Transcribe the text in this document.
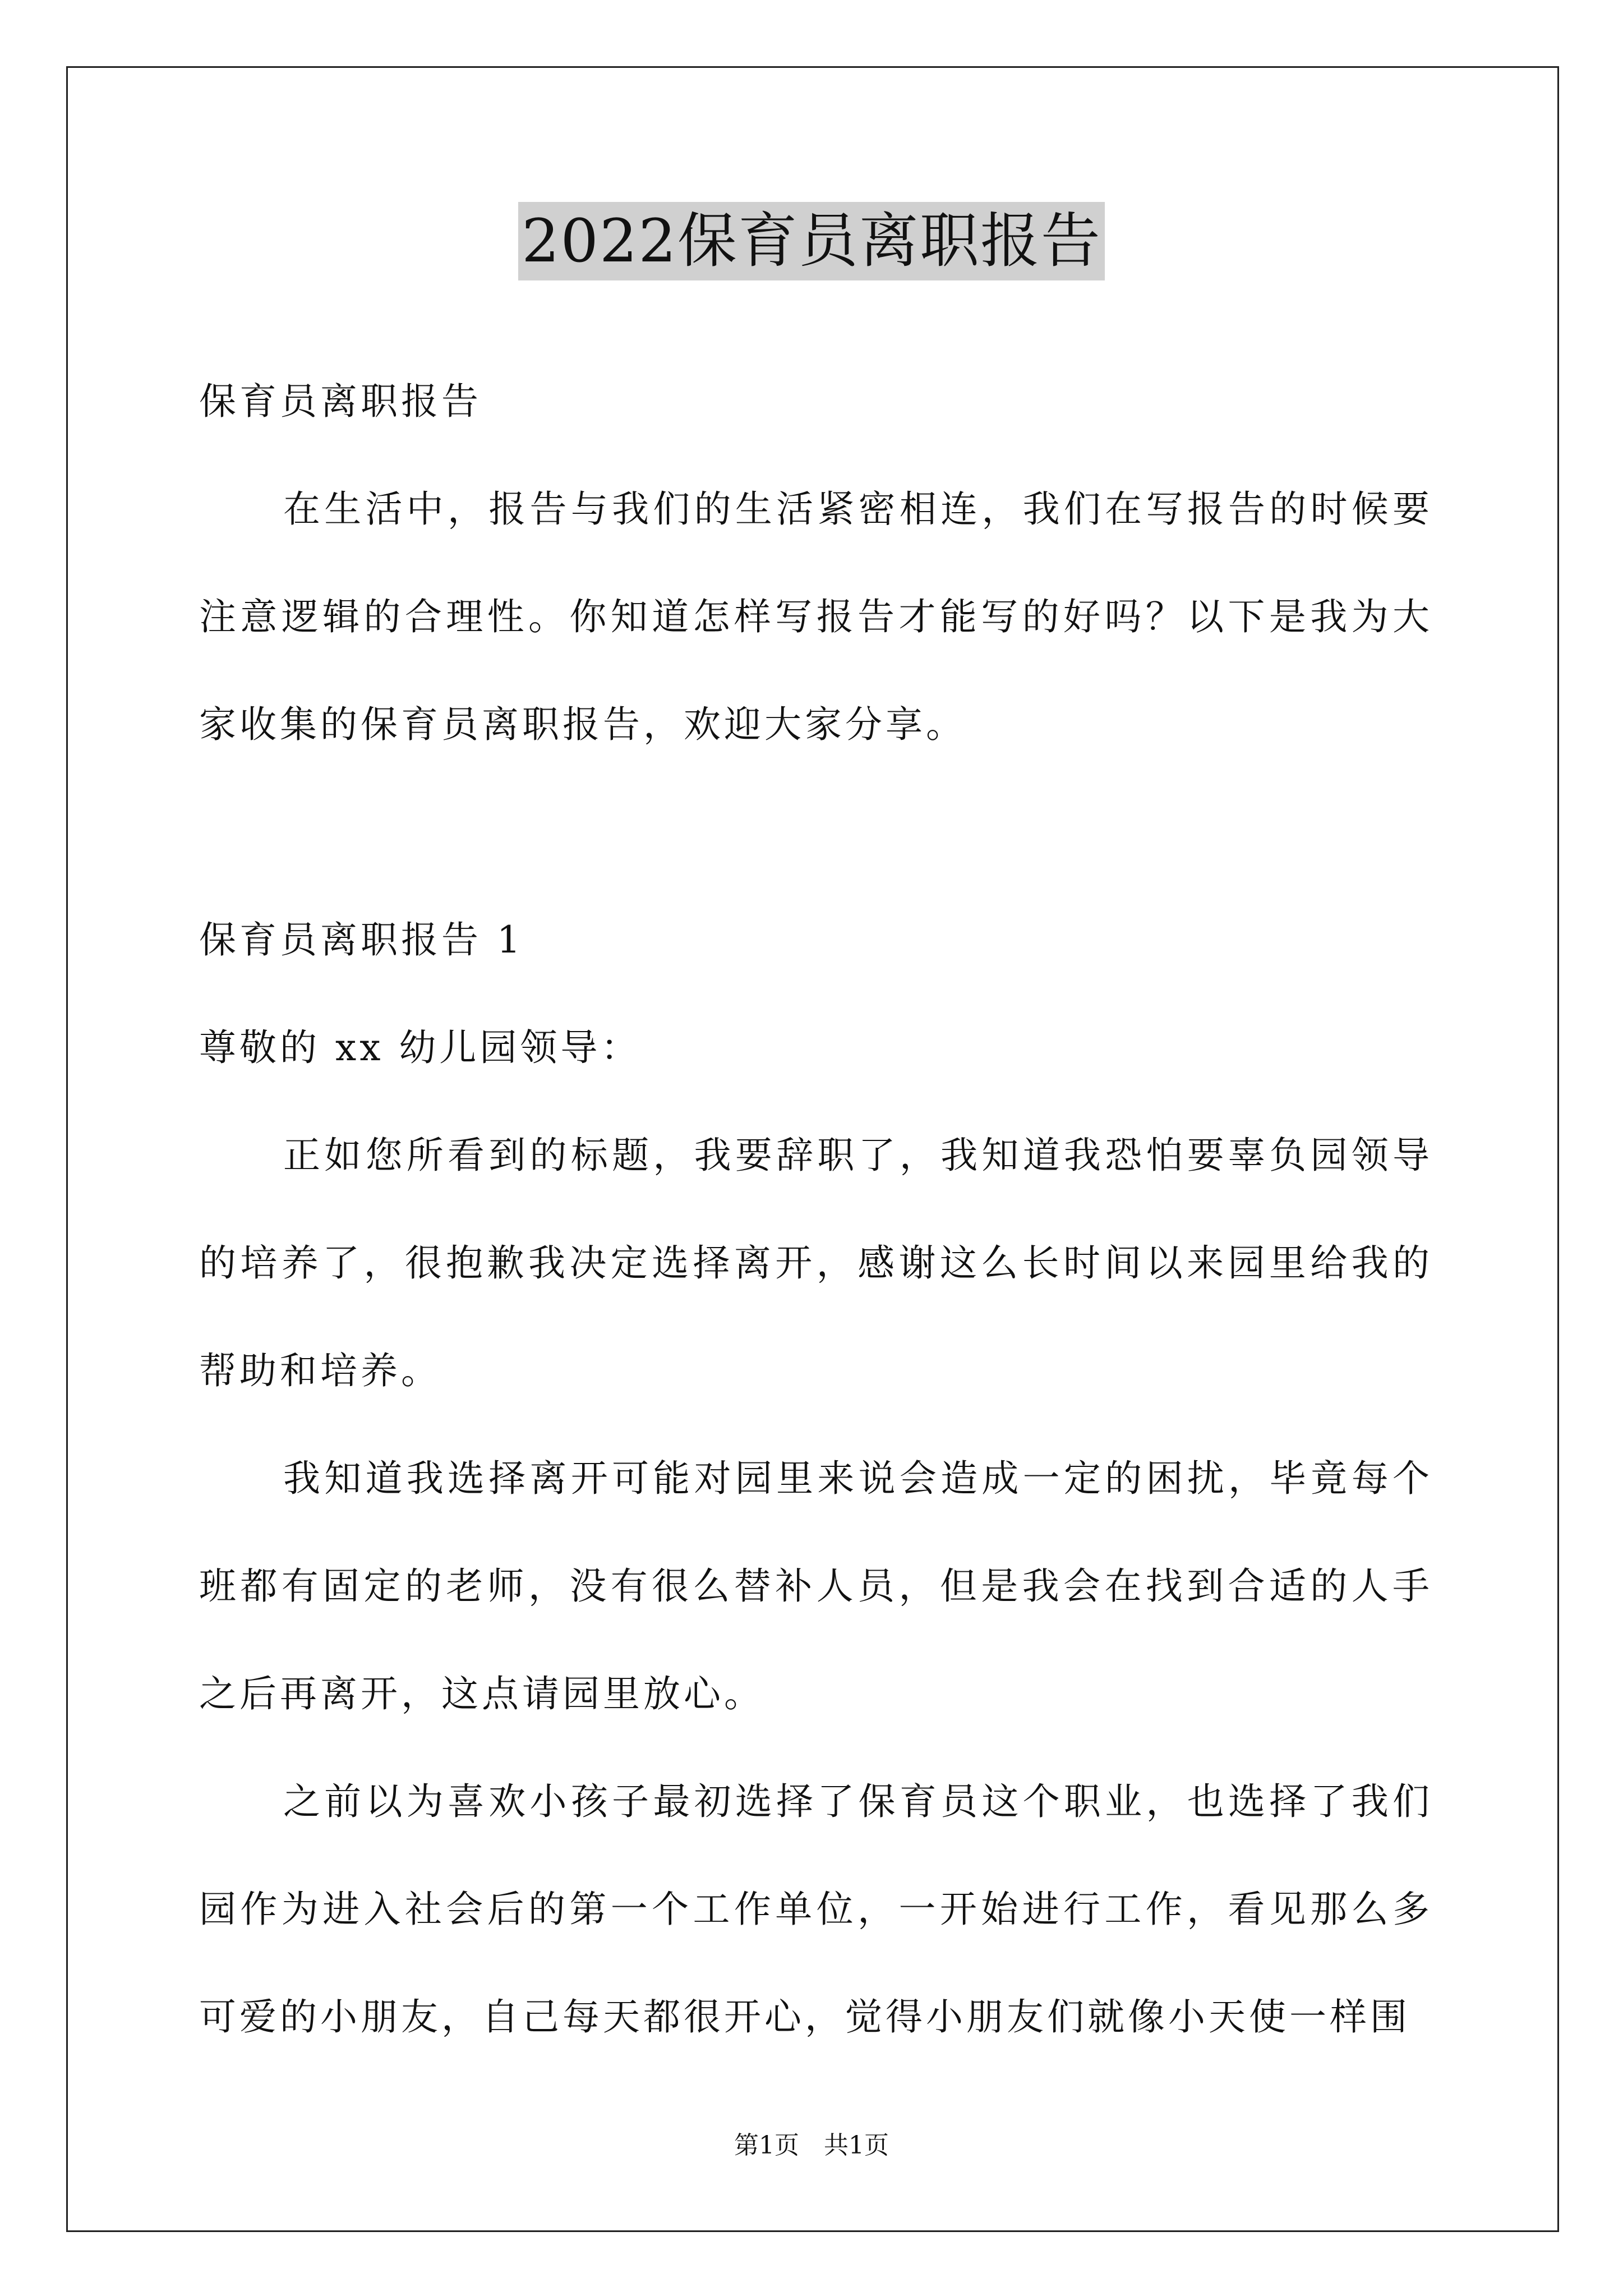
2022保育员离职报告

保育员离职报告

在生活中，报告与我们的生活紧密相连，我们在写报告的时候要注意逻辑的合理性。你知道怎样写报告才能写的好吗？以下是我为大家收集的保育员离职报告，欢迎大家分享。

保育员离职报告 1

尊敬的 xx 幼儿园领导：

正如您所看到的标题，我要辞职了，我知道我恐怕要辜负园领导的培养了，很抱歉我决定选择离开，感谢这么长时间以来园里给我的帮助和培养。

我知道我选择离开可能对园里来说会造成一定的困扰，毕竟每个班都有固定的老师，没有很么替补人员，但是我会在找到合适的人手之后再离开，这点请园里放心。

之前以为喜欢小孩子最初选择了保育员这个职业，也选择了我们园作为进入社会后的第一个工作单位，一开始进行工作，看见那么多可爱的小朋友，自己每天都很开心，觉得小朋友们就像小天使一样围

第1页　共1页
